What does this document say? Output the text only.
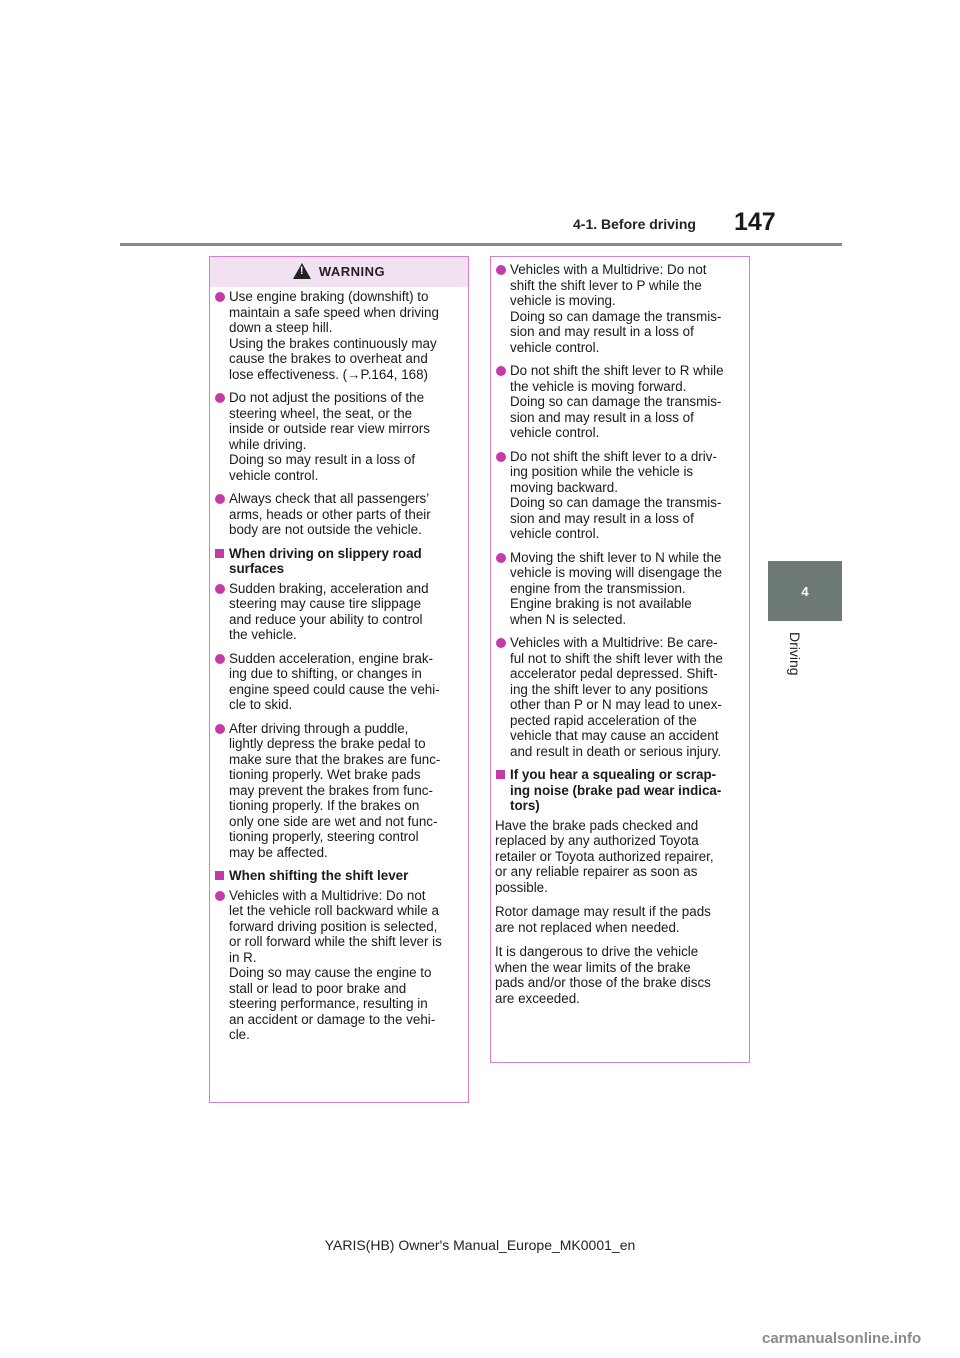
4-1. Before driving 147
4
Driving
!
WARNING
Use engine braking (downshift) to
maintain a safe speed when driving
down a steep hill.
Using the brakes continuously may
cause the brakes to overheat and
lose effectiveness. (→P.164, 168)
Do not adjust the positions of the
steering wheel, the seat, or the
inside or outside rear view mirrors
while driving.
Doing so may result in a loss of
vehicle control.
Always check that all passengers’
arms, heads or other parts of their
body are not outside the vehicle.
When driving on slippery road
surfaces
Sudden braking, acceleration and
steering may cause tire slippage
and reduce your ability to control
the vehicle.
Sudden acceleration, engine brak-
ing due to shifting, or changes in
engine speed could cause the vehi-
cle to skid.
After driving through a puddle,
lightly depress the brake pedal to
make sure that the brakes are func-
tioning properly. Wet brake pads
may prevent the brakes from func-
tioning properly. If the brakes on
only one side are wet and not func-
tioning properly, steering control
may be affected.
When shifting the shift lever
Vehicles with a Multidrive: Do not
let the vehicle roll backward while a
forward driving position is selected,
or roll forward while the shift lever is
in R.
Doing so may cause the engine to
stall or lead to poor brake and
steering performance, resulting in
an accident or damage to the vehi-
cle.
Vehicles with a Multidrive: Do not
shift the shift lever to P while the
vehicle is moving.
Doing so can damage the transmis-
sion and may result in a loss of
vehicle control.
Do not shift the shift lever to R while
the vehicle is moving forward.
Doing so can damage the transmis-
sion and may result in a loss of
vehicle control.
Do not shift the shift lever to a driv-
ing position while the vehicle is
moving backward.
Doing so can damage the transmis-
sion and may result in a loss of
vehicle control.
Moving the shift lever to N while the
vehicle is moving will disengage the
engine from the transmission.
Engine braking is not available
when N is selected.
Vehicles with a Multidrive: Be care-
ful not to shift the shift lever with the
accelerator pedal depressed. Shift-
ing the shift lever to any positions
other than P or N may lead to unex-
pected rapid acceleration of the
vehicle that may cause an accident
and result in death or serious injury.
If you hear a squealing or scrap-
ing noise (brake pad wear indica-
tors)
Have the brake pads checked and
replaced by any authorized Toyota
retailer or Toyota authorized repairer,
or any reliable repairer as soon as
possible.
Rotor damage may result if the pads
are not replaced when needed.
It is dangerous to drive the vehicle
when the wear limits of the brake
pads and/or those of the brake discs
are exceeded.
YARIS(HB) Owner's Manual_Europe_MK0001_en
carmanualsonline.info
